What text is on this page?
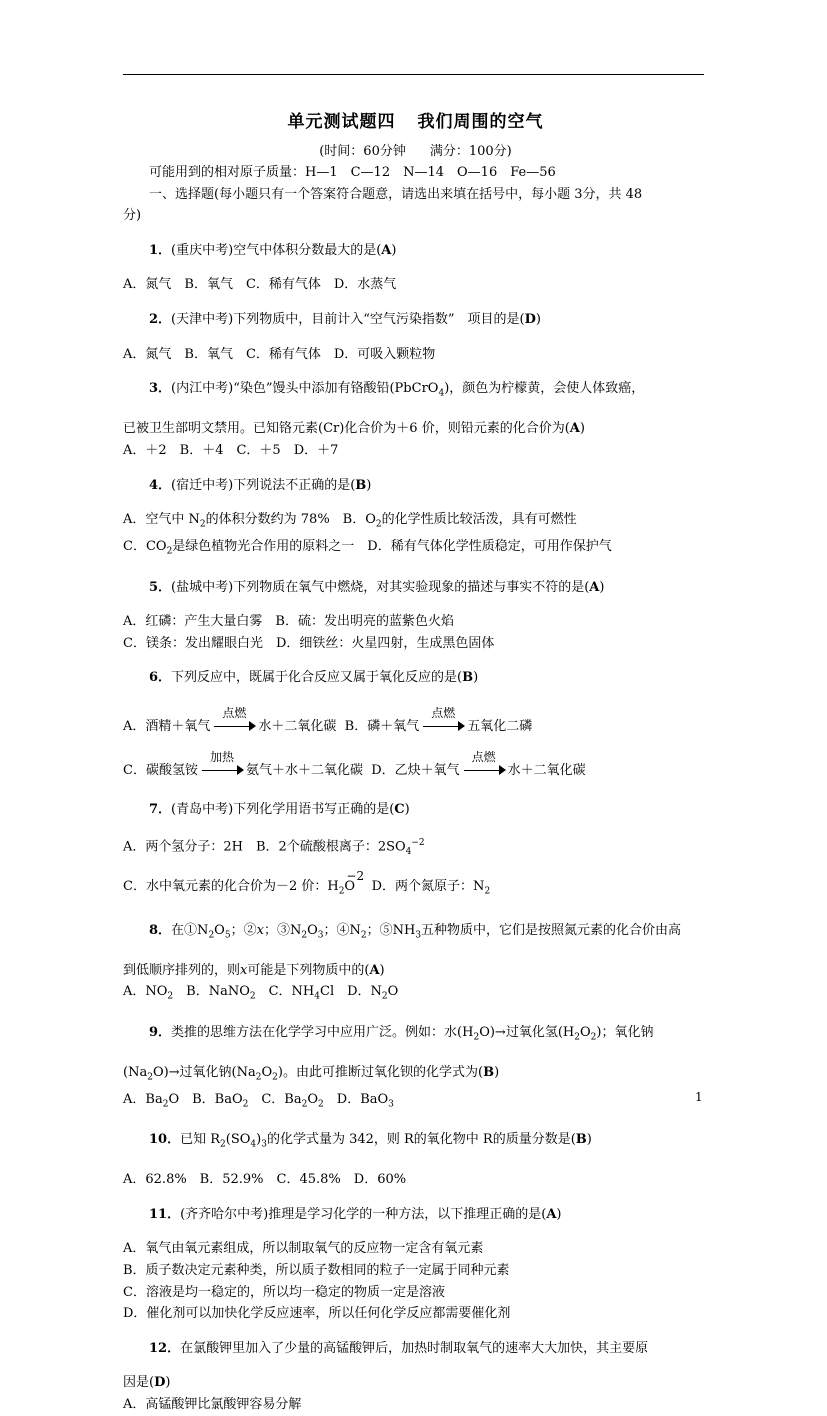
单元测试题四 我们周围的空气

(时间：60分钟 满分：100分)

可能用到的相对原子质量：H—1　C—12　N—14　O—16　Fe—56

一、选择题(每小题只有一个答案符合题意，请选出来填在括号中，每小题 3分，共 48

分)

1．(重庆中考)空气中体积分数最大的是(A)

A．氮气　B．氧气　C．稀有气体　D．水蒸气

2．(天津中考)下列物质中，目前计入“空气污染指数”　项目的是(D)

A．氮气　B．氧气　C．稀有气体　D．可吸入颗粒物

3．(内江中考)“染色”馒头中添加有铬酸铅(PbCrO$_4$)，颜色为柠檬黄，会使人体致癌，

已被卫生部明文禁用。已知铬元素(Cr)化合价为＋6 价，则铅元素的化合价为(A)

A．＋2　B．＋4　C．＋5　D．＋7

4．(宿迁中考)下列说法不正确的是(B)

A．空气中 $N_2$的体积分数约为 78%　B．$O_2$的化学性质比较活泼，具有可燃性

C．$CO_2$是绿色植物光合作用的原料之一　D．稀有气体化学性质稳定，可用作保护气

5．(盐城中考)下列物质在氧气中燃烧，对其实验现象的描述与事实不符的是(A)

A．红磷：产生大量白雾　B．硫：发出明亮的蓝紫色火焰

C．镁条：发出耀眼白光　D．细铁丝：火星四射，生成黑色固体

6．下列反应中，既属于化合反应又属于氧化反应的是(B)

A．酒精＋氧气
点燃
水＋二氧化碳 B．磷＋氧气
点燃
五氧化二磷

C．碳酸氢铵
加热
氨气＋水＋二氧化碳 D．乙炔＋氧气
点燃
水＋二氧化碳

7．(青岛中考)下列化学用语书写正确的是(C)

A．两个氢分子：2H　B．2个硫酸根离子：$2SO_4^{-2}$

C．水中氧元素的化合价为－2 价：$H_2$
−2
O D．两个氮原子：$N_2$

8．在$①N_2O_5$；②x；$③N_2O_3$；$④N_2$；$⑤NH_3$五种物质中，它们是按照氮元素的化合价由高

到低顺序排列的，则x可能是下列物质中的(A)

A．$NO_2$　B．NaNO$_2$　C．$NH_4Cl$　D．$N_2O$

9．类推的思维方法在化学学习中应用广泛。例如：水$(H_2O)\to$过氧化氢$(H_2O_2)$；氧化钠

$(Na_2O)\to$过氧化钠$(Na_2O_2)$。由此可推断过氧化钡的化学式为(B)

A．$Ba_2O$　B．BaO$_2$　C．$Ba_2O_2$　D．BaO$_3$

10．已知 $R_2(SO_4)_3$的化学式量为 342，则 R的氧化物中 R的质量分数是(B)

A．62.8%　B．52.9%　C．45.8%　D．60%

11．(齐齐哈尔中考)推理是学习化学的一种方法，以下推理正确的是(A)

A．氧气由氧元素组成，所以制取氧气的反应物一定含有氧元素

B．质子数决定元素种类，所以质子数相同的粒子一定属于同种元素

C．溶液是均一稳定的，所以均一稳定的物质一定是溶液

D．催化剂可以加快化学反应速率，所以任何化学反应都需要催化剂

12．在氯酸钾里加入了少量的高锰酸钾后，加热时制取氧气的速率大大加快，其主要原

因是(D)

A．高锰酸钾比氯酸钾容易分解

1
